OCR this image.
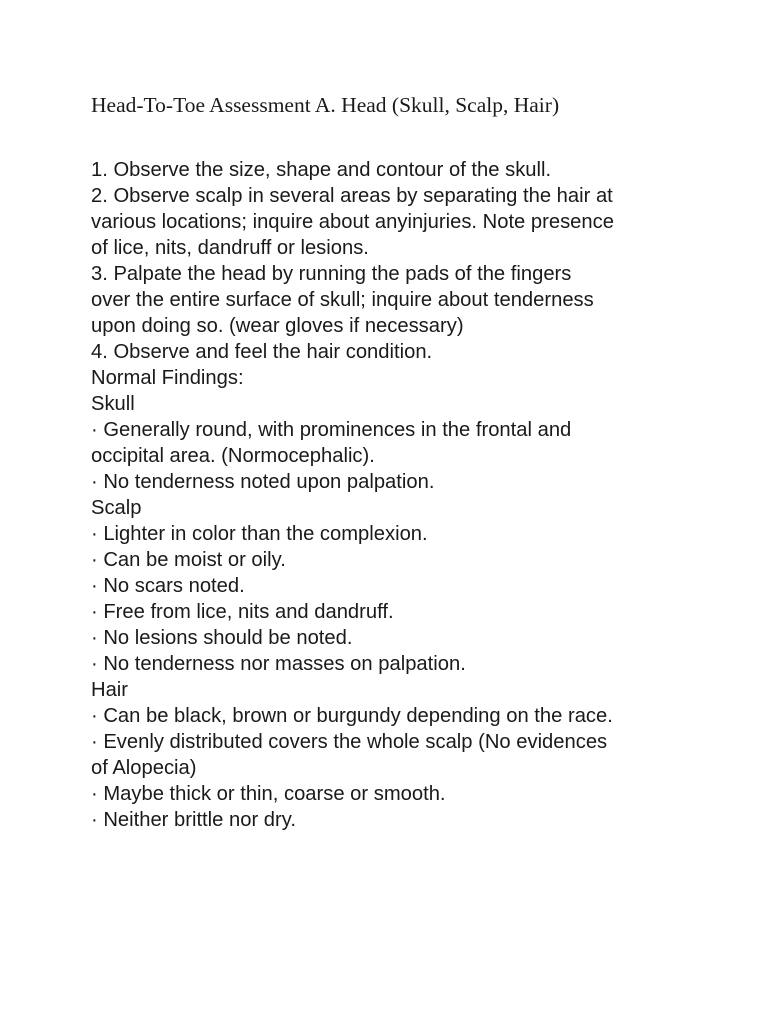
Head-To-Toe Assessment A. Head (Skull, Scalp, Hair)
1. Observe the size, shape and contour of the skull.
2. Observe scalp in several areas by separating the hair at
various locations; inquire about anyinjuries. Note presence
of lice, nits, dandruff or lesions.
3. Palpate the head by running the pads of the fingers
over the entire surface of skull; inquire about tenderness
upon doing so. (wear gloves if necessary)
4. Observe and feel the hair condition.
Normal Findings:
Skull
· Generally round, with prominences in the frontal and
occipital area. (Normocephalic).
· No tenderness noted upon palpation.
Scalp
· Lighter in color than the complexion.
· Can be moist or oily.
· No scars noted.
· Free from lice, nits and dandruff.
· No lesions should be noted.
· No tenderness nor masses on palpation.
Hair
· Can be black, brown or burgundy depending on the race.
· Evenly distributed covers the whole scalp (No evidences
of Alopecia)
· Maybe thick or thin, coarse or smooth.
· Neither brittle nor dry.
